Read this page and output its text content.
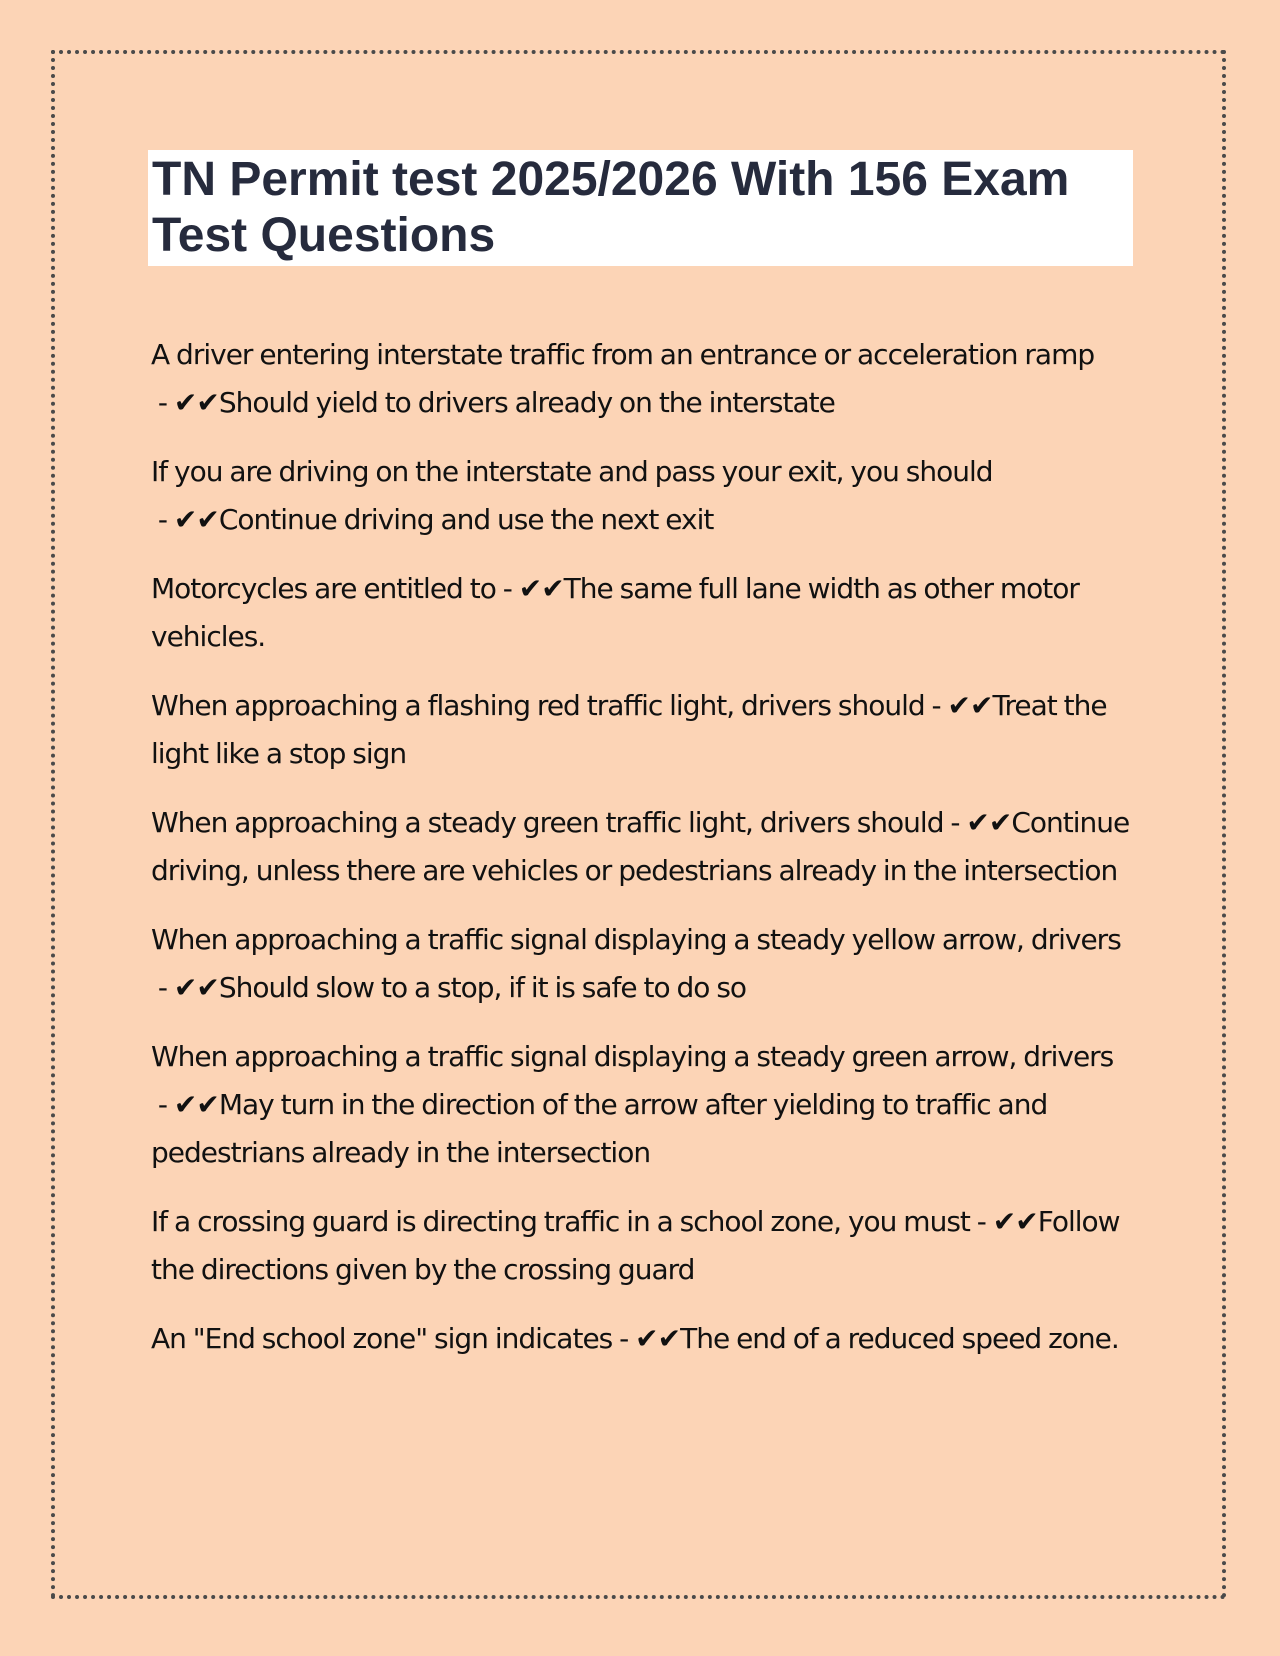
TN Permit test 2025/2026 With 156 Exam Test Questions

A driver entering interstate traffic from an entrance or acceleration ramp - ✔✔Should yield to drivers already on the interstate

If you are driving on the interstate and pass your exit, you should - ✔✔Continue driving and use the next exit

Motorcycles are entitled to - ✔✔The same full lane width as other motor vehicles.

When approaching a flashing red traffic light, drivers should - ✔✔Treat the light like a stop sign

When approaching a steady green traffic light, drivers should - ✔✔Continue driving, unless there are vehicles or pedestrians already in the intersection

When approaching a traffic signal displaying a steady yellow arrow, drivers - ✔✔Should slow to a stop, if it is safe to do so

When approaching a traffic signal displaying a steady green arrow, drivers - ✔✔May turn in the direction of the arrow after yielding to traffic and pedestrians already in the intersection

If a crossing guard is directing traffic in a school zone, you must - ✔✔Follow the directions given by the crossing guard

An "End school zone" sign indicates - ✔✔The end of a reduced speed zone.
